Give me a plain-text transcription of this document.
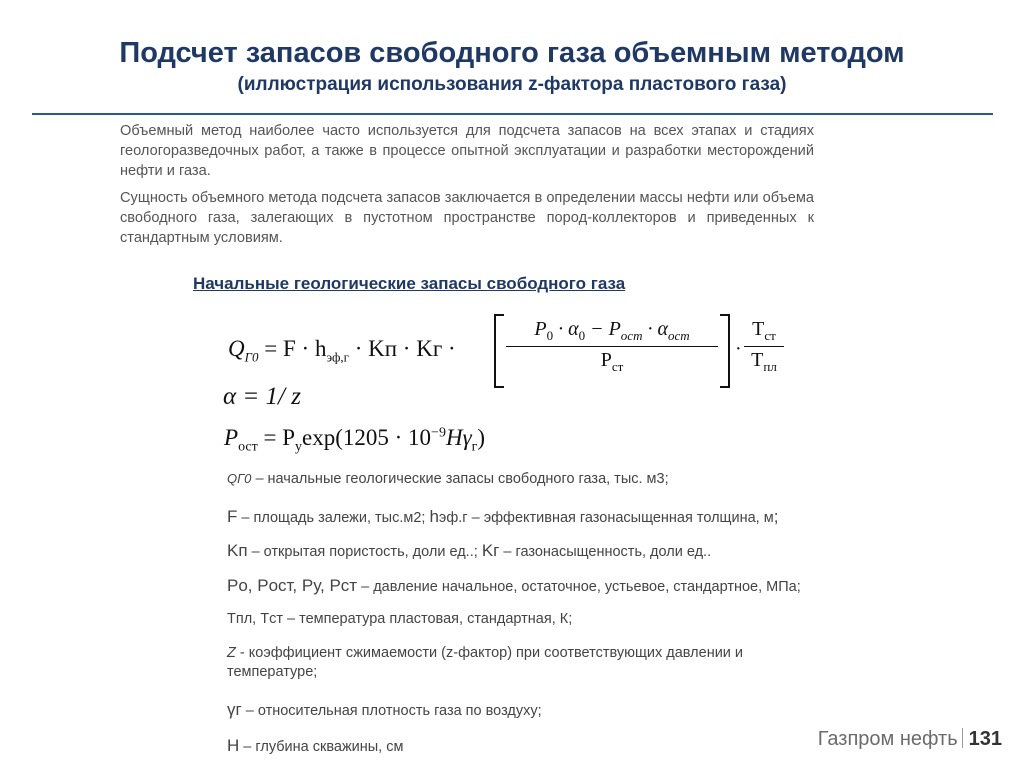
Подсчет запасов свободного газа объемным методом
(иллюстрация использования z-фактора пластового газа)
Объемный метод наиболее часто используется для подсчета запасов на всех этапах и стадиях геологоразведочных работ, а также в процессе опытной эксплуатации и разработки месторождений нефти и газа.
Сущность объемного метода подсчета запасов заключается в определении массы нефти или объема свободного газа, залегающих в пустотном пространстве пород-коллекторов и приведенных к стандартным условиям.
Начальные геологические запасы свободного газа
$Q_{Г0} = F \cdot h_{эф,г}$ · Kп · Kг ·
$P_0 \cdot \alpha_0 - P_{ост} \cdot \alpha_{ост}$
$P_{ст}$
·
$T_{ст}$
$T_{пл}$
α = 1/ z
$P_{ост} = P_у\exp(1205 \cdot 10^{-9}H\gamma_г)$
QГ0 – начальные геологические запасы свободного газа, тыс. м3;
F – площадь залежи, тыс.м2; hэф.г – эффективная газонасыщенная толщина, м;
Kп – открытая пористость, доли ед..; Kг – газонасыщенность, доли ед..
Pо, Pост, Pу, Pст – давление начальное, остаточное, устьевое, стандартное, МПа;
Tпл, Tст – температура пластовая, стандартная, К;
Z - коэффициент сжимаемости (z-фактор) при соответствующих давлении и
температуре;
γг – относительная плотность газа по воздуху;
H – глубина скважины, см	Газпром нефть 131
